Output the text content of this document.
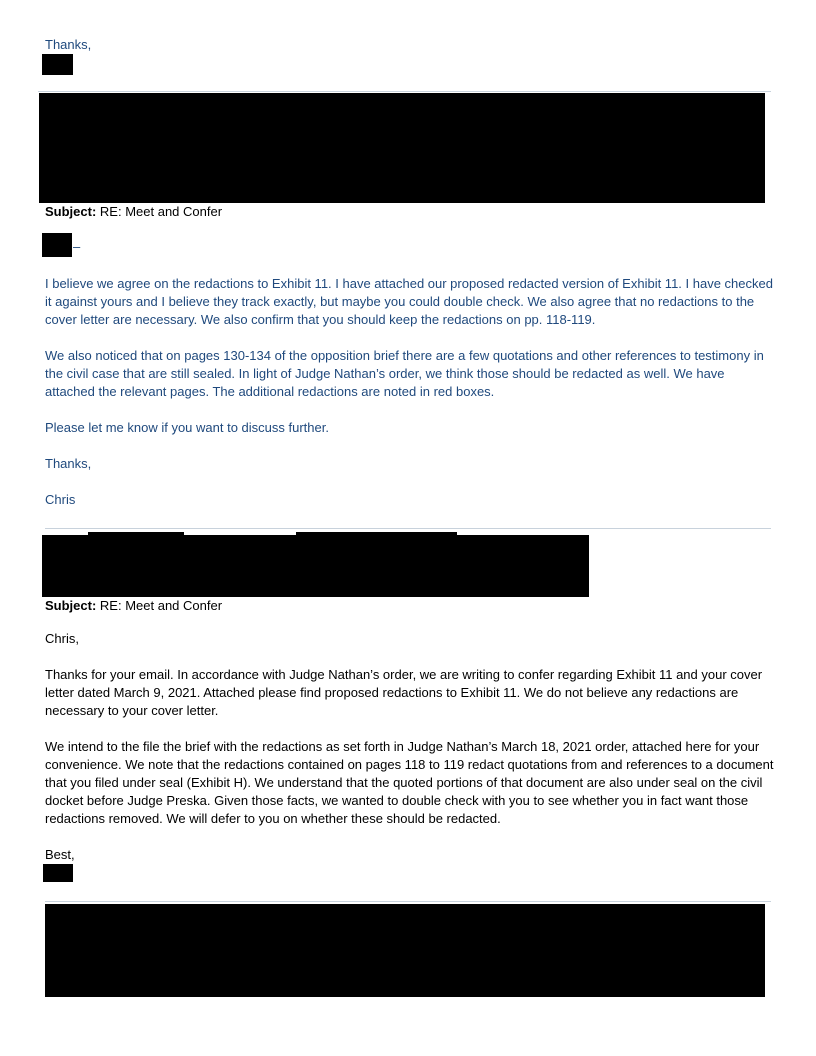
Thanks,

Subject: RE: Meet and Confer

–

I believe we agree on the redactions to Exhibit 11. I have attached our proposed redacted version of Exhibit 11. I have checked it against yours and I believe they track exactly, but maybe you could double check. We also agree that no redactions to the cover letter are necessary. We also confirm that you should keep the redactions on pp. 118-119.

We also noticed that on pages 130-134 of the opposition brief there are a few quotations and other references to testimony in the civil case that are still sealed. In light of Judge Nathan’s order, we think those should be redacted as well. We have attached the relevant pages. The additional redactions are noted in red boxes.

Please let me know if you want to discuss further.

Thanks,

Chris

Subject: RE: Meet and Confer

Chris,

Thanks for your email. In accordance with Judge Nathan’s order, we are writing to confer regarding Exhibit 11 and your cover letter dated March 9, 2021. Attached please find proposed redactions to Exhibit 11. We do not believe any redactions are necessary to your cover letter.

We intend to the file the brief with the redactions as set forth in Judge Nathan’s March 18, 2021 order, attached here for your convenience. We note that the redactions contained on pages 118 to 119 redact quotations from and references to a document that you filed under seal (Exhibit H). We understand that the quoted portions of that document are also under seal on the civil docket before Judge Preska. Given those facts, we wanted to double check with you to see whether you in fact want those redactions removed. We will defer to you on whether these should be redacted.

Best,
